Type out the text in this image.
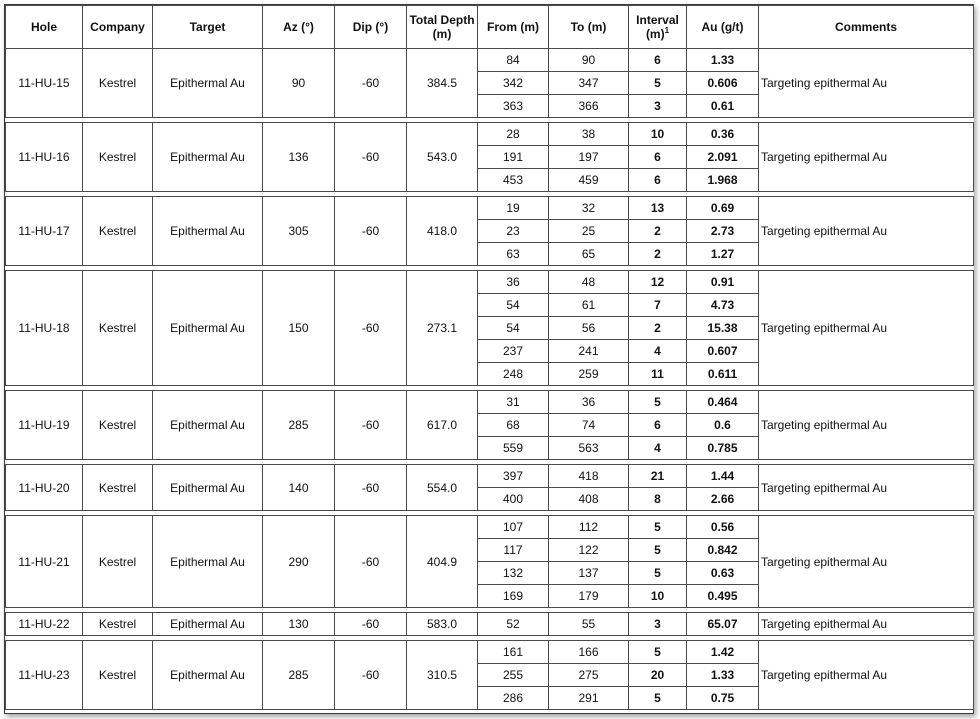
Hole	Company	Target	Az (°)	Dip (°)	Total Depth (m)	From (m)	To (m)	Interval $(m)^1$	Au (g/t)	Comments
11-HU-15	Kestrel	Epithermal Au	90	-60	384.5	84	90	6	1.33	Targeting epithermal Au
						342	347	5	0.606	
						363	366	3	0.61	

11-HU-16	Kestrel	Epithermal Au	136	-60	543.0	28	38	10	0.36	Targeting epithermal Au
						191	197	6	2.091	
						453	459	6	1.968	

11-HU-17	Kestrel	Epithermal Au	305	-60	418.0	19	32	13	0.69	Targeting epithermal Au
						23	25	2	2.73	
						63	65	2	1.27	

11-HU-18	Kestrel	Epithermal Au	150	-60	273.1	36	48	12	0.91	Targeting epithermal Au
						54	61	7	4.73	
						54	56	2	15.38	
						237	241	4	0.607	
						248	259	11	0.611	

11-HU-19	Kestrel	Epithermal Au	285	-60	617.0	31	36	5	0.464	Targeting epithermal Au
						68	74	6	0.6	
						559	563	4	0.785	

11-HU-20	Kestrel	Epithermal Au	140	-60	554.0	397	418	21	1.44	Targeting epithermal Au
						400	408	8	2.66	

11-HU-21	Kestrel	Epithermal Au	290	-60	404.9	107	112	5	0.56	Targeting epithermal Au
						117	122	5	0.842	
						132	137	5	0.63	
						169	179	10	0.495	

11-HU-22	Kestrel	Epithermal Au	130	-60	583.0	52	55	3	65.07	Targeting epithermal Au

11-HU-23	Kestrel	Epithermal Au	285	-60	310.5	161	166	5	1.42	Targeting epithermal Au
						255	275	20	1.33	
						286	291	5	0.75	
